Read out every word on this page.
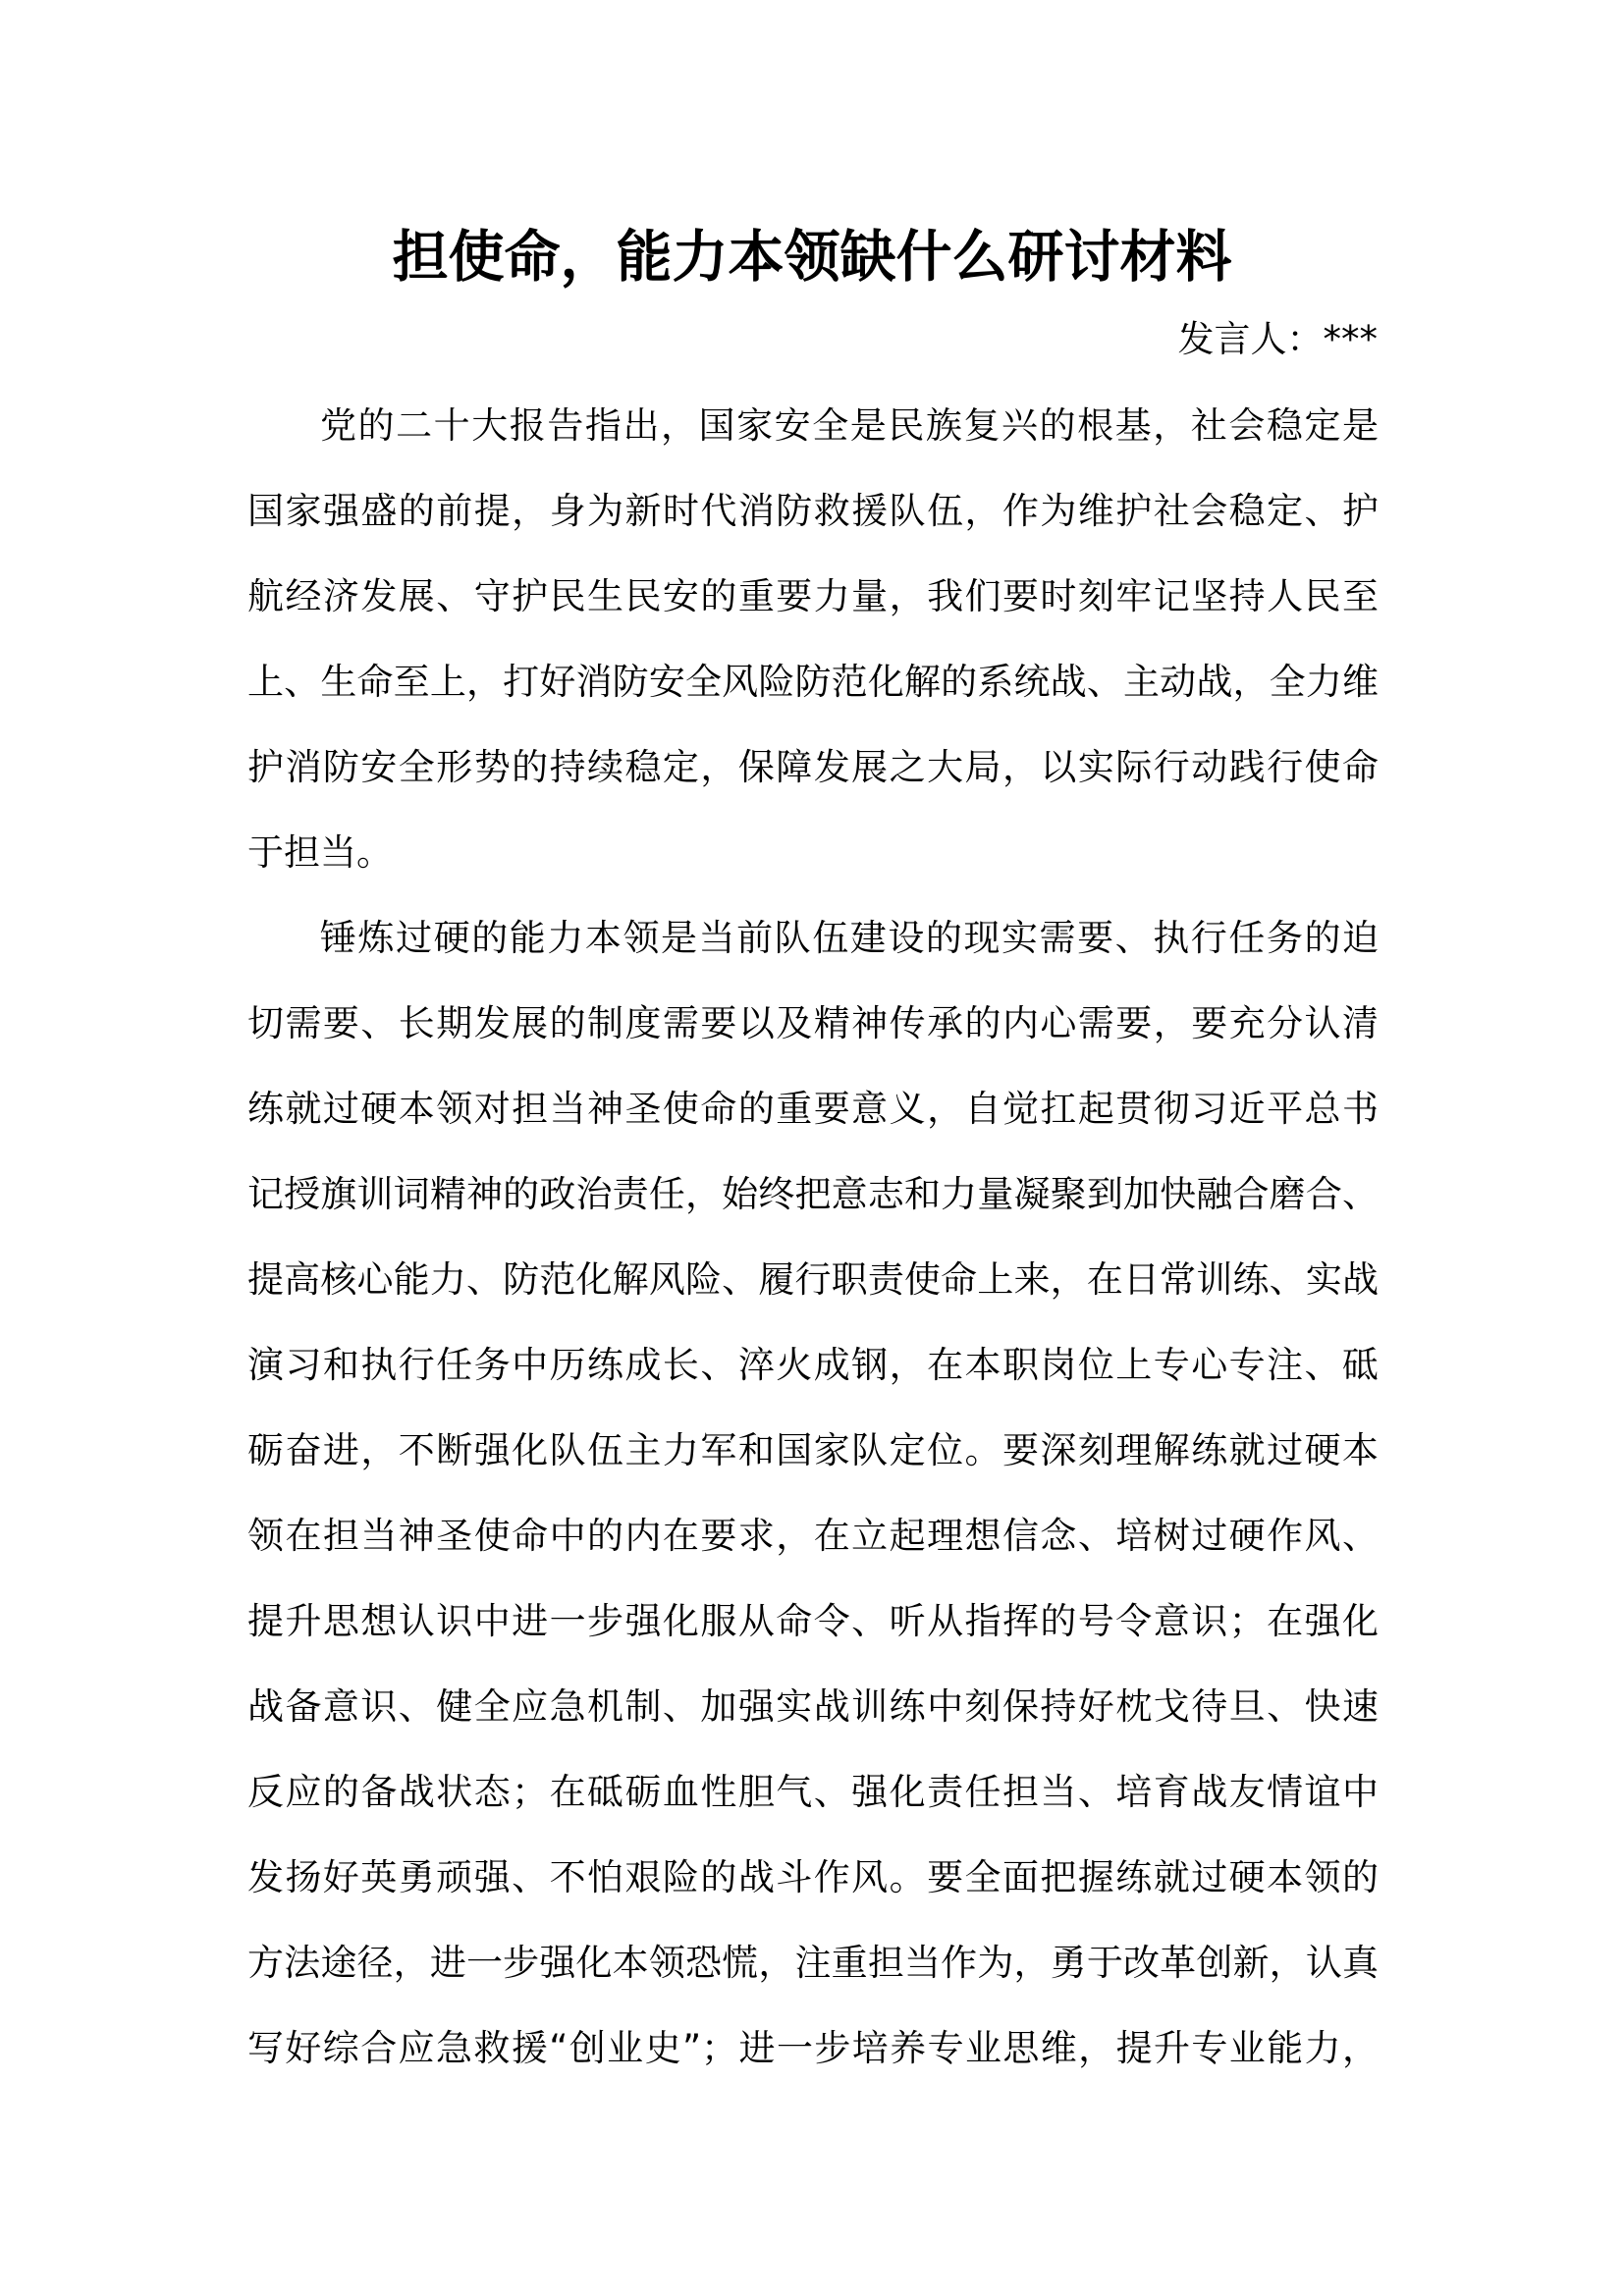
担使命，能力本领缺什么研讨材料
发言人：***
党的二十大报告指出，国家安全是民族复兴的根基，社会稳定是
国家强盛的前提，身为新时代消防救援队伍，作为维护社会稳定、护
航经济发展、守护民生民安的重要力量，我们要时刻牢记坚持人民至
上、生命至上，打好消防安全风险防范化解的系统战、主动战，全力维
护消防安全形势的持续稳定，保障发展之大局，以实际行动践行使命
于担当。
锤炼过硬的能力本领是当前队伍建设的现实需要、执行任务的迫
切需要、长期发展的制度需要以及精神传承的内心需要，要充分认清
练就过硬本领对担当神圣使命的重要意义，自觉扛起贯彻习近平总书
记授旗训词精神的政治责任，始终把意志和力量凝聚到加快融合磨合、
提高核心能力、防范化解风险、履行职责使命上来，在日常训练、实战
演习和执行任务中历练成长、淬火成钢，在本职岗位上专心专注、砥
砺奋进，不断强化队伍主力军和国家队定位。要深刻理解练就过硬本
领在担当神圣使命中的内在要求，在立起理想信念、培树过硬作风、
提升思想认识中进一步强化服从命令、听从指挥的号令意识；在强化
战备意识、健全应急机制、加强实战训练中刻保持好枕戈待旦、快速
反应的备战状态；在砥砺血性胆气、强化责任担当、培育战友情谊中
发扬好英勇顽强、不怕艰险的战斗作风。要全面把握练就过硬本领的
方法途径，进一步强化本领恐慌，注重担当作为，勇于改革创新，认真
写好综合应急救援“创业史”；进一步培养专业思维，提升专业能力，
